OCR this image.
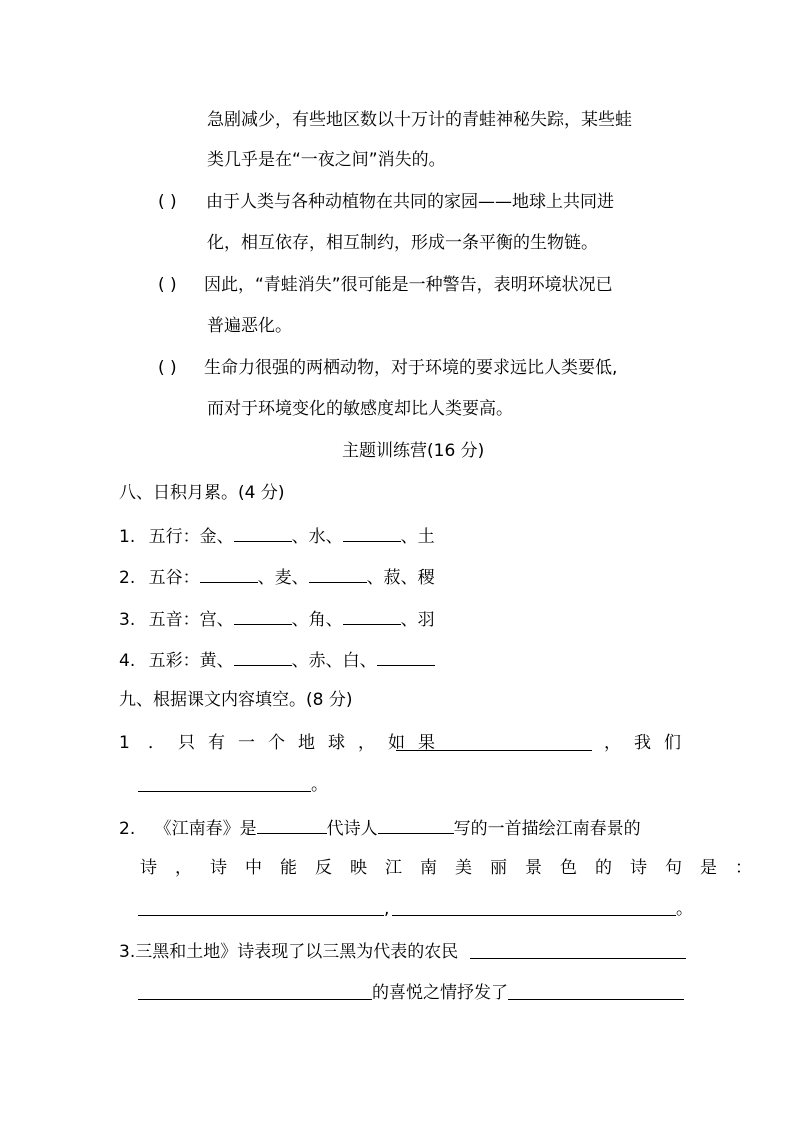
急剧减少，有些地区数以十万计的青蛙神秘失踪，某些蛙
类几乎是在“一夜之间”消失的。
( ) 由于人类与各种动植物在共同的家园——地球上共同进
化，相互依存，相互制约，形成一条平衡的生物链。
( ) 因此，“青蛙消失”很可能是一种警告，表明环境状况已
普遍恶化。
( ) 生命力很强的两栖动物，对于环境的要求远比人类要低,
而对于环境变化的敏感度却比人类要高。
主题训练营(16 分)
八、日积月累。(4 分)
1. 五行：金、	、水、	、土
2. 五谷：	、麦、	、菽、稷
3. 五音：宫、	、角、	、羽
4. 五彩：黄、	、赤、白、
九、根据课文内容填空。(8 分)
1 ．只有一个地球，如果	，我们
。
2. 《江南春》是	代诗人	写的一首描绘江南春景的
诗，诗中能反映江南美丽景色的诗句是：
,	。
3.三黑和土地》诗表现了以三黑为代表的农民
的喜悦之情抒发了
